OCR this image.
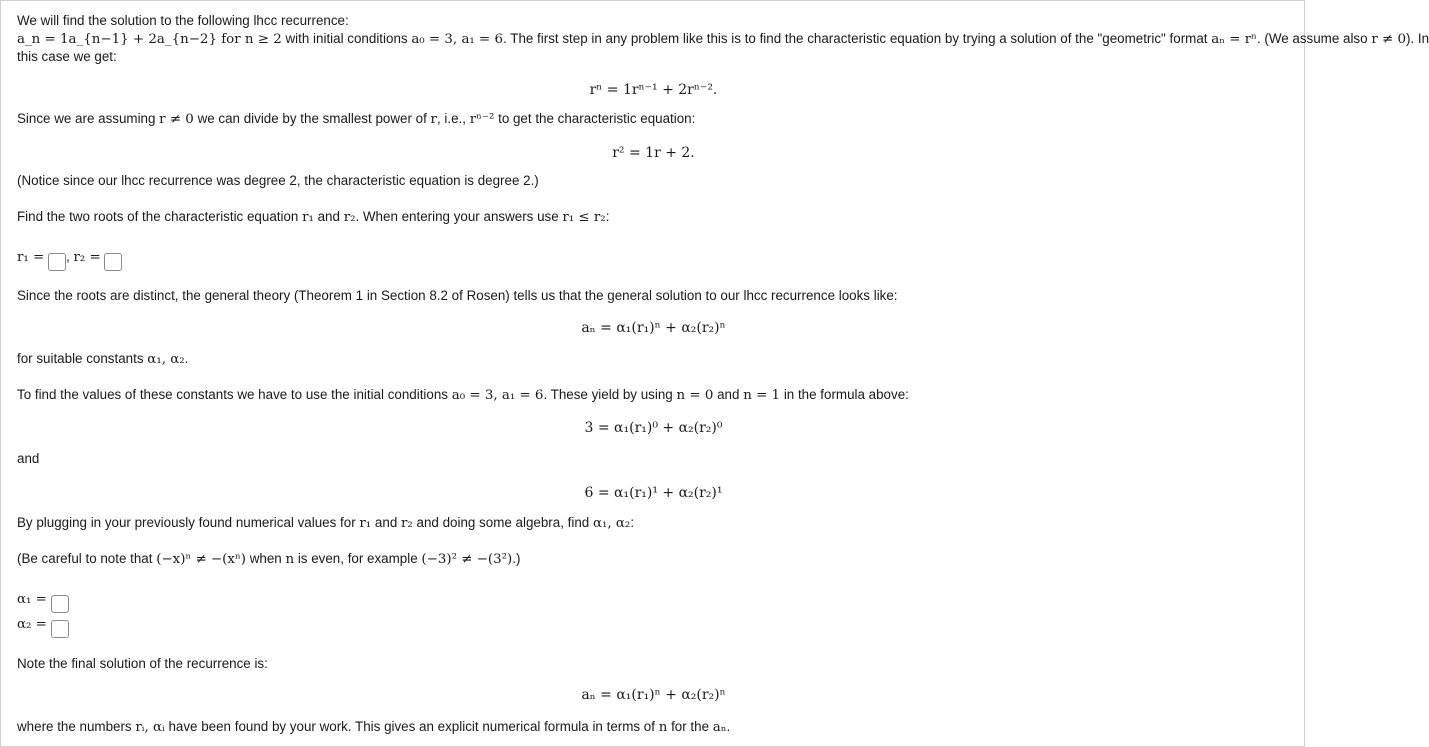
We will find the solution to the following lhcc recurrence:
a_n = 1a_{n−1} + 2a_{n−2} for n ≥ 2 with initial conditions a₀ = 3, a₁ = 6. The first step in any problem like this is to find the characteristic equation by trying a solution of the "geometric" format aₙ = rⁿ. (We assume also r ≠ 0). In
this case we get:
rⁿ = 1rⁿ⁻¹ + 2rⁿ⁻².
Since we are assuming r ≠ 0 we can divide by the smallest power of r, i.e., rⁿ⁻² to get the characteristic equation:
r² = 1r + 2.
(Notice since our lhcc recurrence was degree 2, the characteristic equation is degree 2.)
Find the two roots of the characteristic equation r₁ and r₂. When entering your answers use r₁ ≤ r₂:
r₁ = , r₂ =
Since the roots are distinct, the general theory (Theorem 1 in Section 8.2 of Rosen) tells us that the general solution to our lhcc recurrence looks like:
aₙ = α₁(r₁)ⁿ + α₂(r₂)ⁿ
for suitable constants α₁, α₂.
To find the values of these constants we have to use the initial conditions a₀ = 3, a₁ = 6. These yield by using n = 0 and n = 1 in the formula above:
3 = α₁(r₁)⁰ + α₂(r₂)⁰
and
6 = α₁(r₁)¹ + α₂(r₂)¹
By plugging in your previously found numerical values for r₁ and r₂ and doing some algebra, find α₁, α₂:
(Be careful to note that (−x)ⁿ ≠ −(xⁿ) when n is even, for example (−3)² ≠ −(3²).)
α₁ =
α₂ =
Note the final solution of the recurrence is:
aₙ = α₁(r₁)ⁿ + α₂(r₂)ⁿ
where the numbers rᵢ, αᵢ have been found by your work. This gives an explicit numerical formula in terms of n for the aₙ.
